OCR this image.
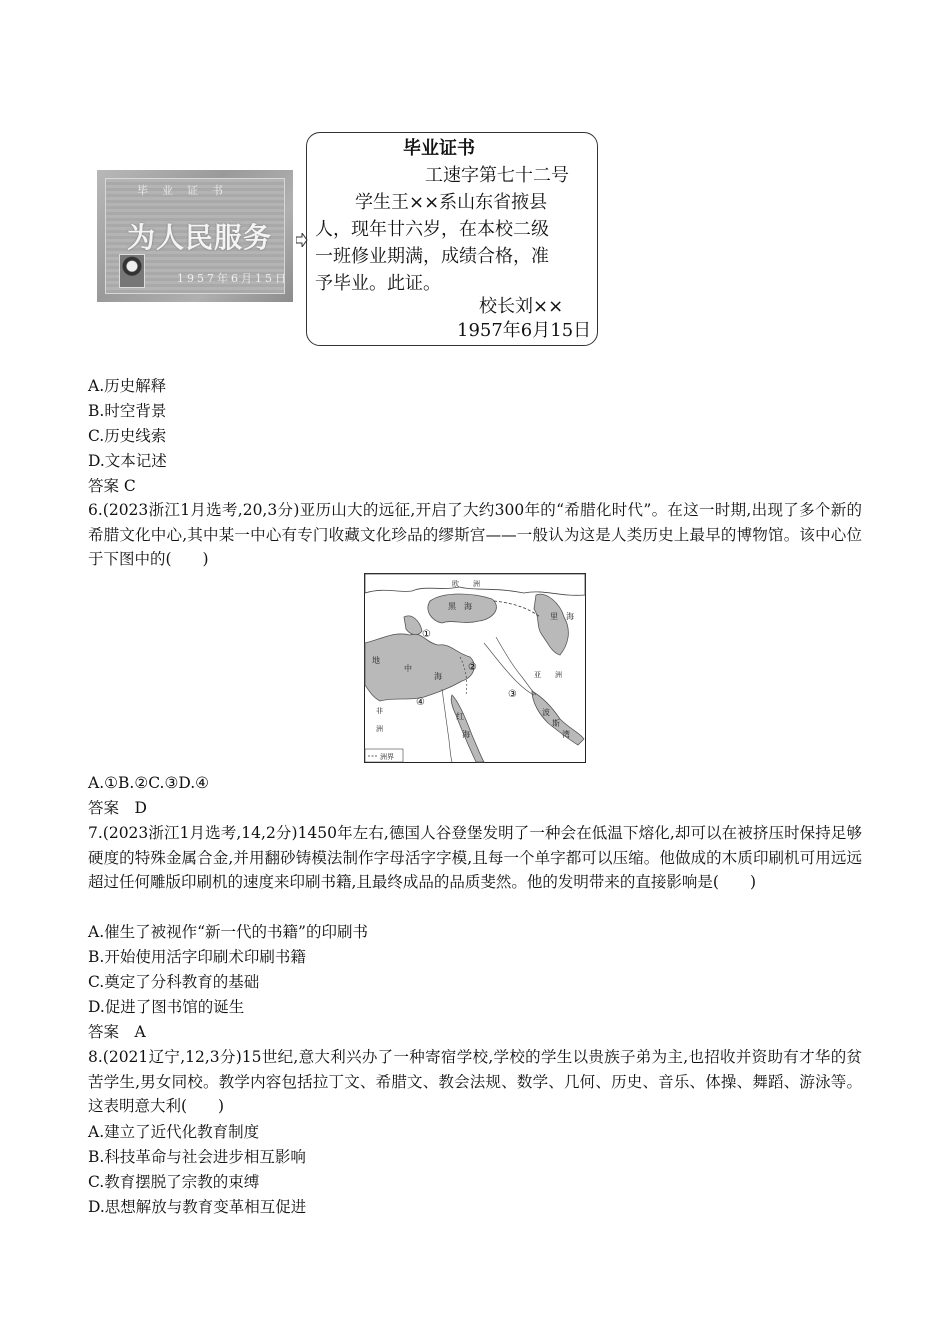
毕业证书
为人民服务
1957年6月15日
毕业证书
工速字第七十二号
学生王××系山东省掖县
人，现年廿六岁，在本校二级
一班修业期满，成绩合格，准
予毕业。此证。
校长刘××
1957年6月15日
A.历史解释
B.时空背景
C.历史线索
D.文本记述
答案 C
6.(2023浙江1月选考,20,3分)亚历山大的远征,开启了大约300年的“希腊化时代”。在这一时期,出现了多个新的希腊文化中心,其中某一中心有专门收藏文化珍品的缪斯宫——一般认为这是人类历史上最早的博物馆。该中心位于下图中的(　　)
欧　　洲
黑　海
里　海
地
中
海	亚　　洲
非
洲
红
海
波
斯
湾
①
②
③
④
洲界
A.①B.②C.③D.④
答案　D
7.(2023浙江1月选考,14,2分)1450年左右,德国人谷登堡发明了一种会在低温下熔化,却可以在被挤压时保持足够硬度的特殊金属合金,并用翻砂铸模法制作字母活字字模,且每一个单字都可以压缩。他做成的木质印刷机可用远远超过任何雕版印刷机的速度来印刷书籍,且最终成品的品质斐然。他的发明带来的直接影响是(　　)
A.催生了被视作“新一代的书籍”的印刷书
B.开始使用活字印刷术印刷书籍
C.奠定了分科教育的基础
D.促进了图书馆的诞生
答案　A
8.(2021辽宁,12,3分)15世纪,意大利兴办了一种寄宿学校,学校的学生以贵族子弟为主,也招收并资助有才华的贫苦学生,男女同校。教学内容包括拉丁文、希腊文、教会法规、数学、几何、历史、音乐、体操、舞蹈、游泳等。这表明意大利(　　)
A.建立了近代化教育制度
B.科技革命与社会进步相互影响
C.教育摆脱了宗教的束缚
D.思想解放与教育变革相互促进
